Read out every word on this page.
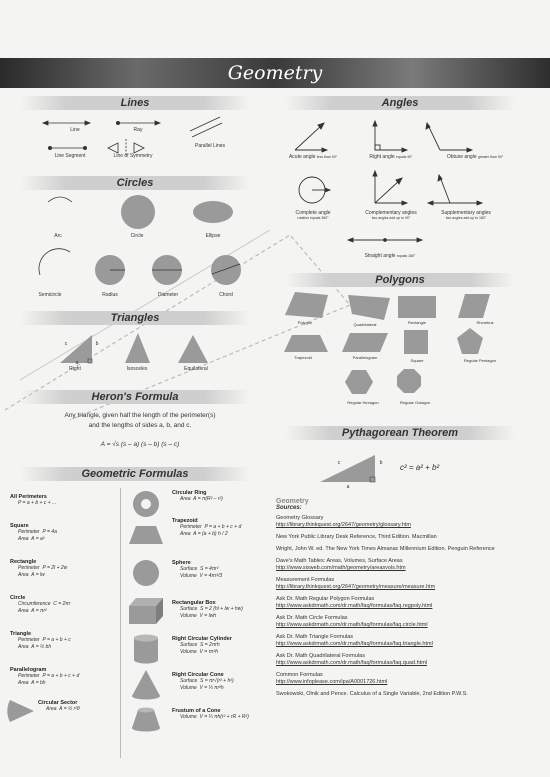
Geometry
Lines
Line	Ray
Parallel Lines
Line Segment	Line of Symmetry
Angles
Acute angle less than 90°	Right angle equals 90°	Obtuse angle greater than 90°
Complete angle
rotation equals 360°
Complementary angles
two angles add up to 90°
Supplementary angles
two angles add up to 180°
Straight angle equals 180°
Circles
Arc	Circle	Ellipse
Semicircle	Radius	Diameter	Chord
Polygons
Polygon	Quadrilateral	Rectangle	Rhombus
Trapezoid	Parallelogram
Square	Regular Pentagon
Regular Hexagon	Regular Octagon
Triangles
c	b
a
Right	Isosceles	Equilateral
Heron's Formula
Any triangle, given half the length of the perimeter(s)
and the lengths of sides a, b, and c.
A = √s (s – a) (s – b) (s – c)
Pythagorean Theorem
c	b
a
c² = a² + b²
Geometric Formulas
All Perimeters
P = a + b + c + ...
Square
Perimeter  P = 4a
Area  A = a²
Rectangle
Perimeter  P = 2l + 2w
Area  A = lw
Circle
Circumference  C = 2πr
Area  A = πr²
Triangle
Perimeter  P = a + b + c
Area  A = ½ bh
Parallelogram
Perimeter  P = a + b + c + d
Area  A = bh
Circular Sector
Area  A = ½ r²θ
Circular Ring
Area  A = π(R² – r²)
Trapezoid
Perimeter  P = a + b + c + d
Area  A = (a + b) h / 2
Sphere
Surface  S = 4πr²
Volume  V = 4πr³/3
Rectangular Box
Surface  S = 2 (hl + lw + hw)
Volume  V = lwh
Right Circular Cylinder
Surface  S = 2πrh
Volume  V = πr²h
Right Circular Cone
Surface  S = πr√(r² + h²)
Volume  V = ⅓ πr²h
Frustum of a Cone
Volume  V = ⅓ πh(r² + rR + R²)
Geometry
Sources:
Geometry Glossary
http://library.thinkquest.org/2647/geometry/glossary.htm
New York Public Library Desk Reference, Third Edition. Macmillan
Wright, John W. ed. The New York Times Almanac Millennium Edition. Penguin Reference
Dave's Math Tables: Areas, Volumes, Surface Areas
http://www.sisweb.com/math/geometry/areasvols.htm
Measurement Formulas
http://library.thinkquest.org/2647/geometry/measure/measure.htm
Ask Dr. Math Regular Polygon Formulas
http://www.askdrmath.com/dr.math/faq/formulas/faq.regpoly.html
Ask Dr. Math Circle Formulas
http://www.askdrmath.com/dr.math/faq/formulas/faq.circle.html
Ask Dr. Math Triangle Formulas
http://www.askdrmath.com/dr.math/faq/formulas/faq.triangle.html
Ask Dr. Math Quadrilateral Formulas
http://www.askdrmath.com/dr.math/faq/formulas/faq.quad.html
Common Formulas
http://www.infoplease.com/ipa/A0001726.html
Swokowski, Olnik and Pence. Calculus of a Single Variable, 2nd Edition P.W.S.
